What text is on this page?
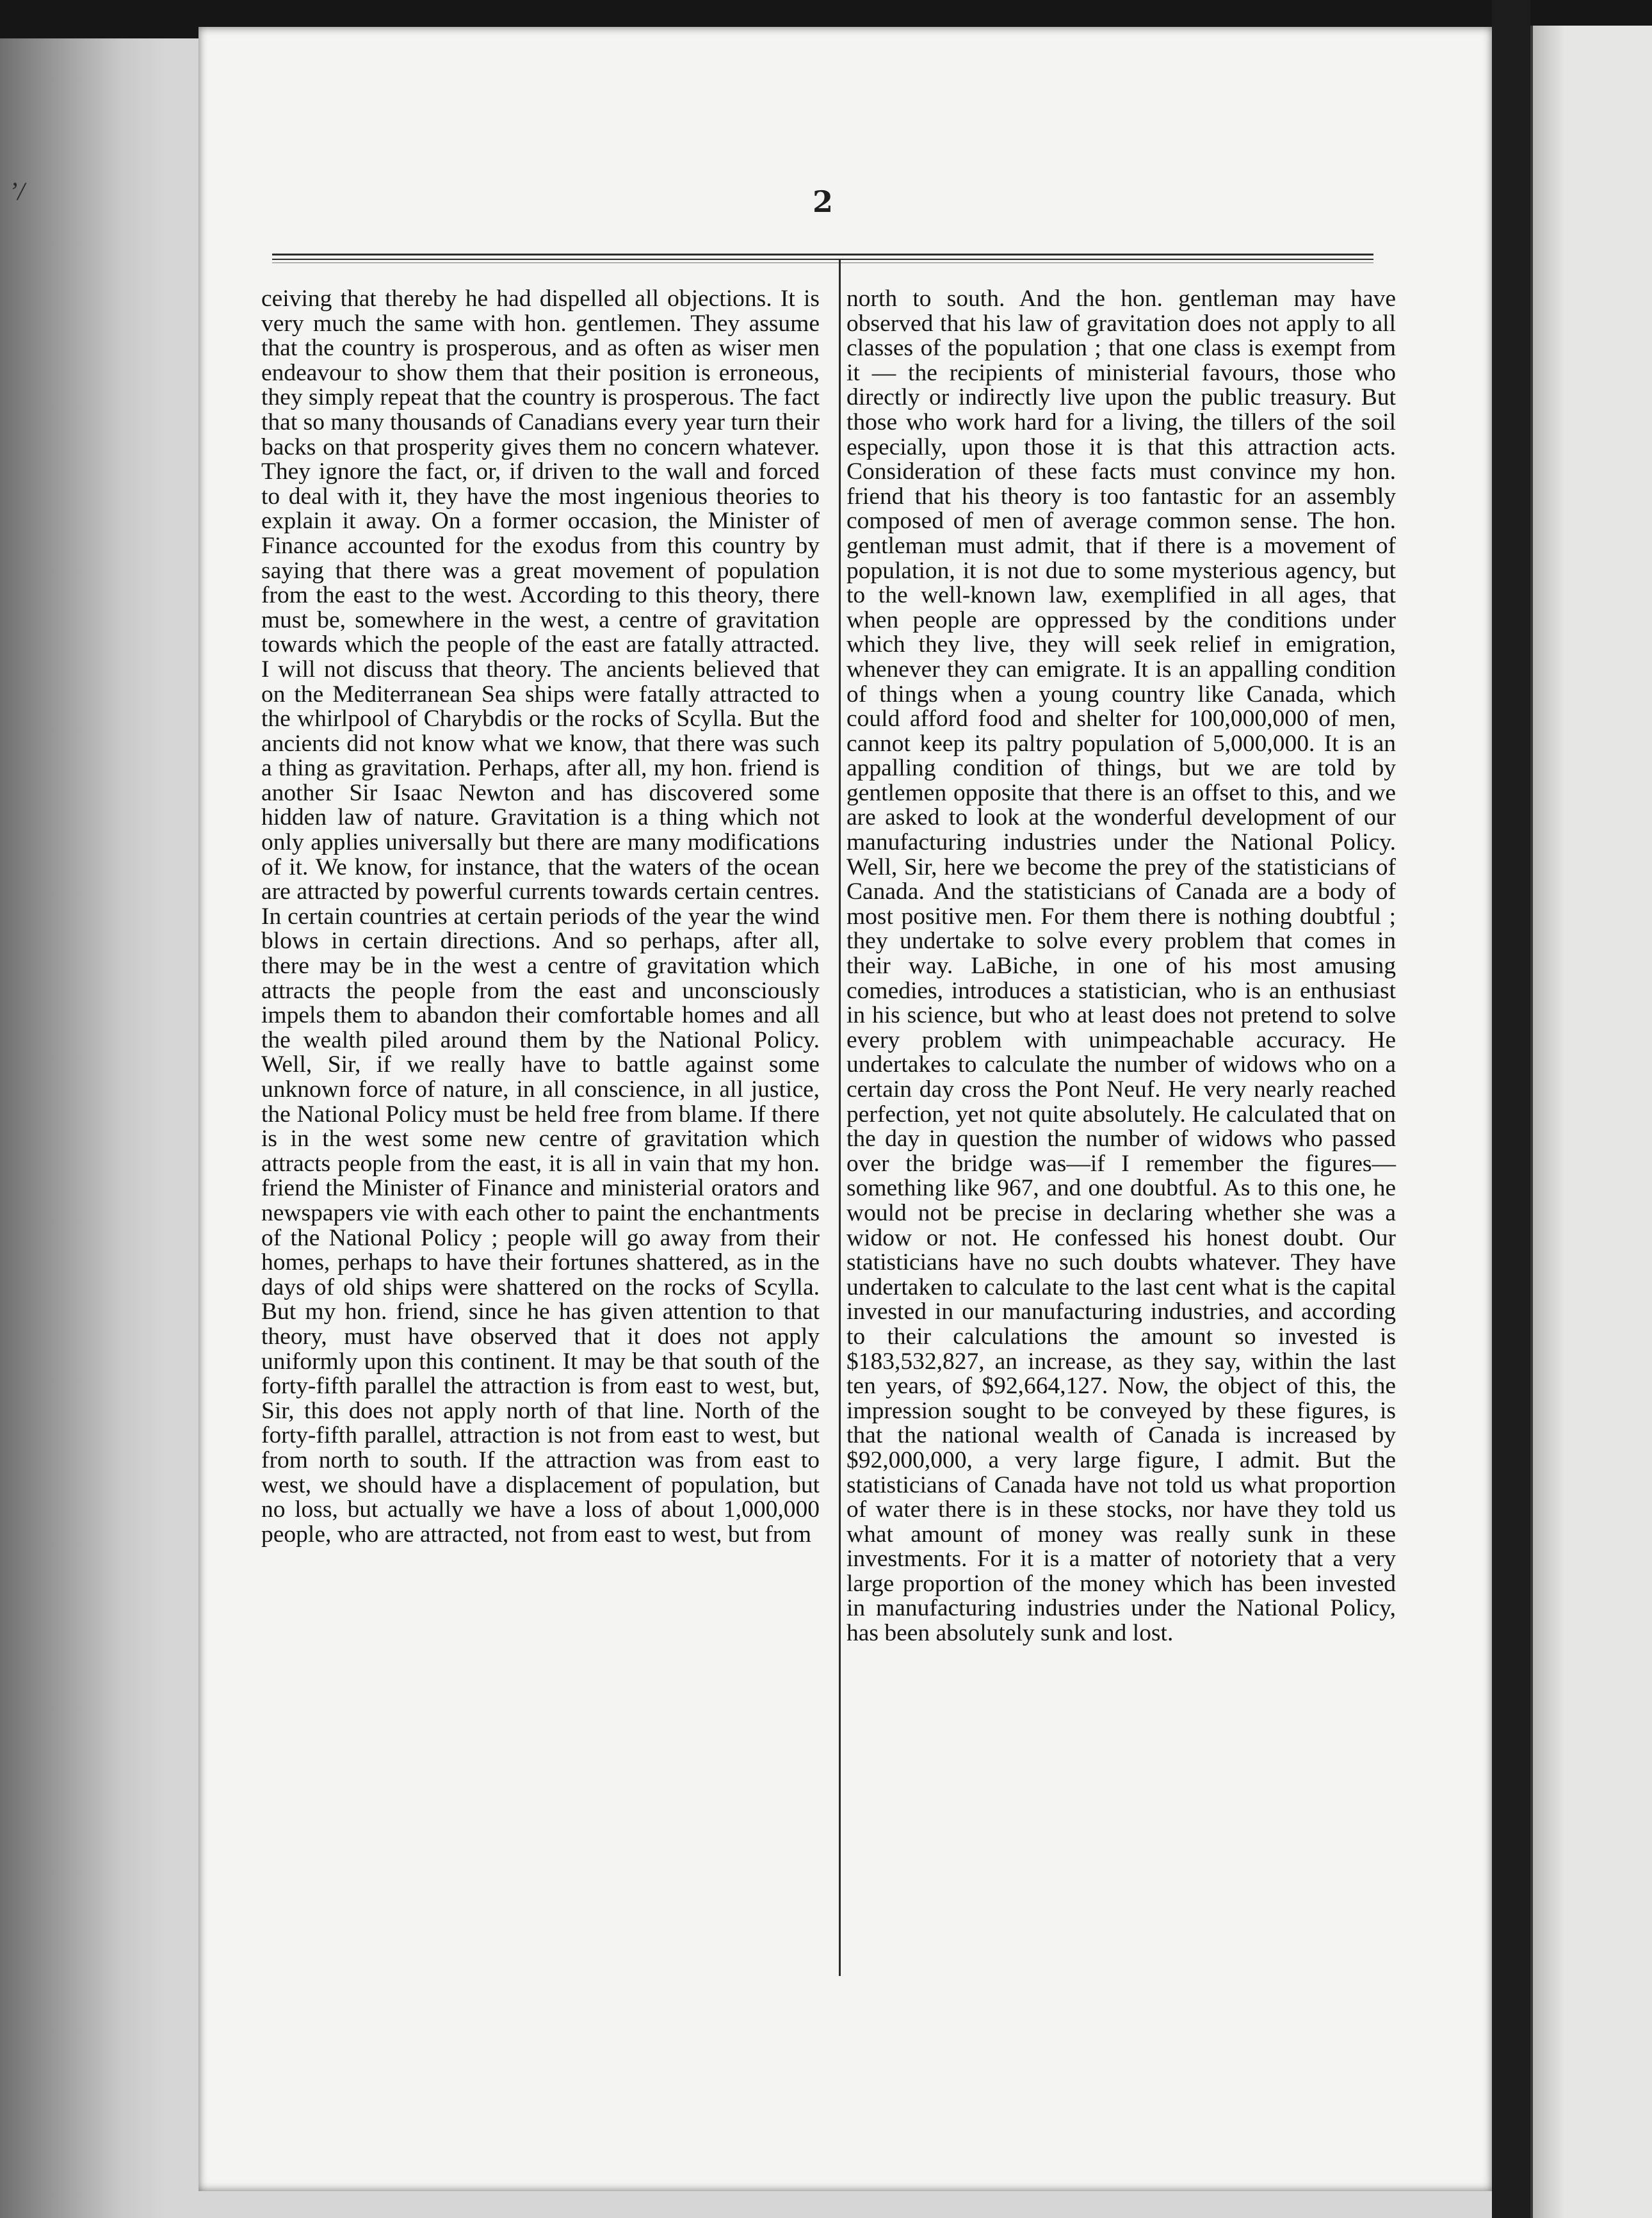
’/	2

ceiving that thereby he had dispelled all objections. It is very much the same with hon. gentlemen. They assume that the country is prosperous, and as often as wiser men endeavour to show them that their position is erroneous, they simply repeat that the country is prosperous. The fact that so many thousands of Canadians every year turn their backs on that prosperity gives them no concern whatever. They ignore the fact, or, if driven to the wall and forced to deal with it, they have the most ingenious theories to explain it away. On a former occasion, the Minister of Finance accounted for the exodus from this country by saying that there was a great movement of population from the east to the west. According to this theory, there must be, somewhere in the west, a centre of gravitation towards which the people of the east are fatally attracted. I will not discuss that theory. The ancients believed that on the Mediterranean Sea ships were fatally attracted to the whirlpool of Charybdis or the rocks of Scylla. But the ancients did not know what we know, that there was such a thing as gravitation. Perhaps, after all, my hon. friend is another Sir Isaac Newton and has discovered some hidden law of nature. Gravitation is a thing which not only applies universally but there are many modifications of it. We know, for instance, that the waters of the ocean are attracted by powerful currents towards certain centres. In certain countries at certain periods of the year the wind blows in certain directions. And so perhaps, after all, there may be in the west a centre of gravitation which attracts the people from the east and unconsciously impels them to abandon their comfortable homes and all the wealth piled around them by the National Policy. Well, Sir, if we really have to battle against some unknown force of nature, in all conscience, in all justice, the National Policy must be held free from blame. If there is in the west some new centre of gravitation which attracts people from the east, it is all in vain that my hon. friend the Minister of Finance and ministerial orators and newspapers vie with each other to paint the enchantments of the National Policy ; people will go away from their homes, perhaps to have their fortunes shattered, as in the days of old ships were shattered on the rocks of Scylla. But my hon. friend, since he has given attention to that theory, must have observed that it does not apply uniformly upon this continent. It may be that south of the forty-fifth parallel the attraction is from east to west, but, Sir, this does not apply north of that line. North of the forty-fifth parallel, attraction is not from east to west, but from north to south. If the attraction was from east to west, we should have a displacement of population, but no loss, but actually we have a loss of about 1,000,000 people, who are attracted, not from east to west, but from

north to south. And the hon. gentleman may have observed that his law of gravitation does not apply to all classes of the population ; that one class is exempt from it — the recipients of ministerial favours, those who directly or indirectly live upon the public treasury. But those who work hard for a living, the tillers of the soil especially, upon those it is that this attraction acts. Consideration of these facts must convince my hon. friend that his theory is too fantastic for an assembly composed of men of average common sense. The hon. gentleman must admit, that if there is a movement of population, it is not due to some mysterious agency, but to the well-known law, exemplified in all ages, that when people are oppressed by the conditions under which they live, they will seek relief in emigration, whenever they can emigrate. It is an appalling condition of things when a young country like Canada, which could afford food and shelter for 100,000,000 of men, cannot keep its paltry population of 5,000,000. It is an appalling condition of things, but we are told by gentlemen opposite that there is an offset to this, and we are asked to look at the wonderful development of our manufacturing industries under the National Policy. Well, Sir, here we become the prey of the statisticians of Canada. And the statisticians of Canada are a body of most positive men. For them there is nothing doubtful ; they undertake to solve every problem that comes in their way. LaBiche, in one of his most amusing comedies, introduces a statistician, who is an enthusiast in his science, but who at least does not pretend to solve every problem with unimpeachable accuracy. He undertakes to calculate the number of widows who on a certain day cross the Pont Neuf. He very nearly reached perfection, yet not quite absolutely. He calculated that on the day in question the number of widows who passed over the bridge was—if I remember the figures—something like 967, and one doubtful. As to this one, he would not be precise in declaring whether she was a widow or not. He confessed his honest doubt. Our statisticians have no such doubts whatever. They have undertaken to calculate to the last cent what is the capital invested in our manufacturing industries, and according to their calculations the amount so invested is $183,532,827, an increase, as they say, within the last ten years, of $92,664,127. Now, the object of this, the impression sought to be conveyed by these figures, is that the national wealth of Canada is increased by $92,000,000, a very large figure, I admit. But the statisticians of Canada have not told us what proportion of water there is in these stocks, nor have they told us what amount of money was really sunk in these investments. For it is a matter of notoriety that a very large proportion of the money which has been invested in manufacturing industries under the National Policy, has been absolutely sunk and lost.
